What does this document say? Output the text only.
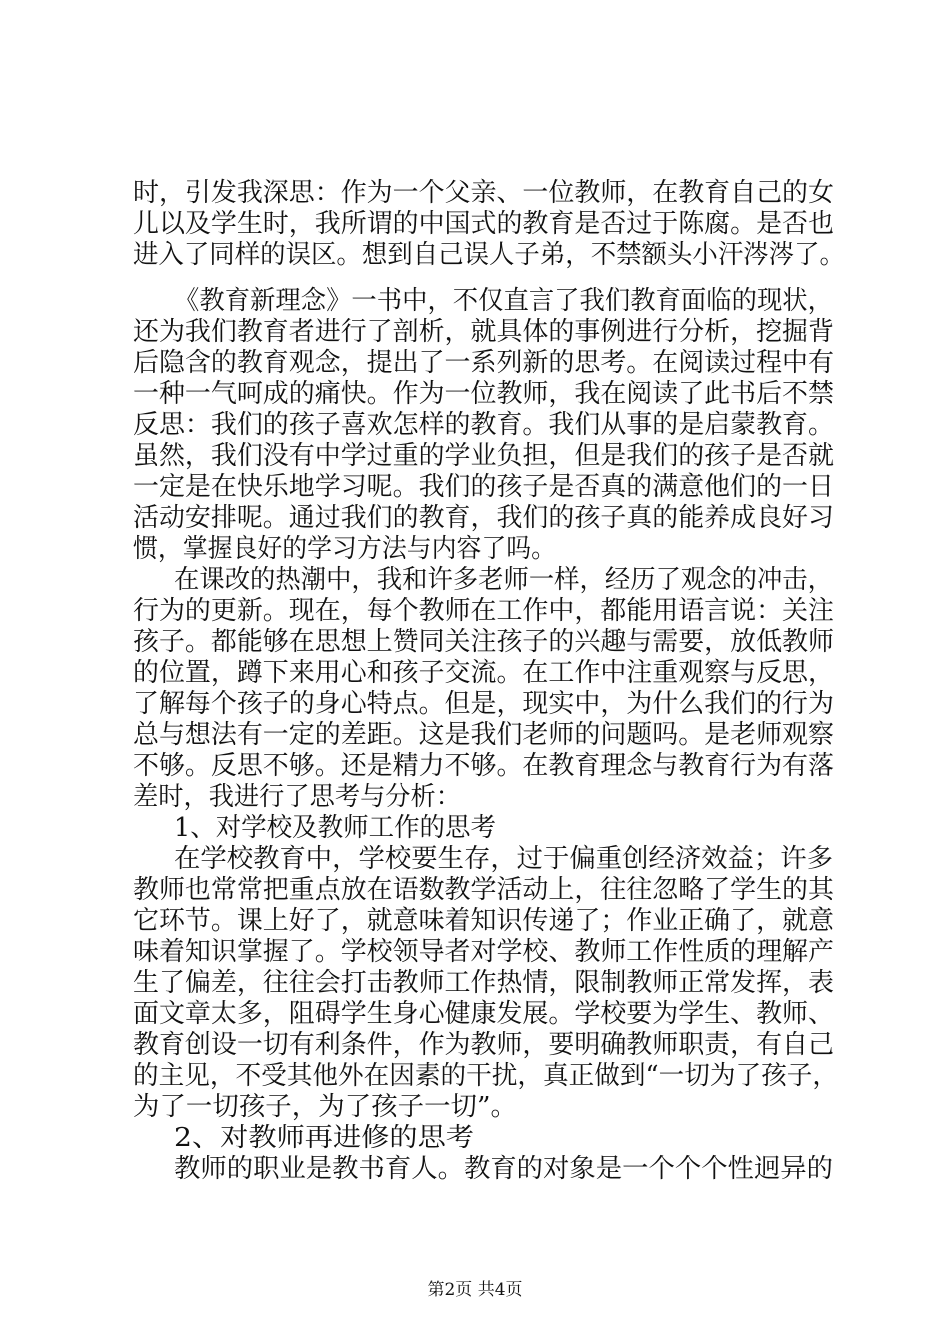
时，引发我深思：作为一个父亲、一位教师，在教育自己的女
儿以及学生时，我所谓的中国式的教育是否过于陈腐。是否也
进入了同样的误区。想到自己误人子弟，不禁额头小汗涔涔了。
《教育新理念》一书中，不仅直言了我们教育面临的现状，
还为我们教育者进行了剖析，就具体的事例进行分析，挖掘背
后隐含的教育观念，提出了一系列新的思考。在阅读过程中有
一种一气呵成的痛快。作为一位教师，我在阅读了此书后不禁
反思：我们的孩子喜欢怎样的教育。我们从事的是启蒙教育。
虽然，我们没有中学过重的学业负担，但是我们的孩子是否就
一定是在快乐地学习呢。我们的孩子是否真的满意他们的一日
活动安排呢。通过我们的教育，我们的孩子真的能养成良好习
惯，掌握良好的学习方法与内容了吗。
在课改的热潮中，我和许多老师一样，经历了观念的冲击，
行为的更新。现在，每个教师在工作中，都能用语言说：关注
孩子。都能够在思想上赞同关注孩子的兴趣与需要，放低教师
的位置，蹲下来用心和孩子交流。在工作中注重观察与反思，
了解每个孩子的身心特点。但是，现实中，为什么我们的行为
总与想法有一定的差距。这是我们老师的问题吗。是老师观察
不够。反思不够。还是精力不够。在教育理念与教育行为有落
差时，我进行了思考与分析：
1、对学校及教师工作的思考
在学校教育中，学校要生存，过于偏重创经济效益；许多
教师也常常把重点放在语数教学活动上，往往忽略了学生的其
它环节。课上好了，就意味着知识传递了；作业正确了，就意
味着知识掌握了。学校领导者对学校、教师工作性质的理解产
生了偏差，往往会打击教师工作热情，限制教师正常发挥，表
面文章太多，阻碍学生身心健康发展。学校要为学生、教师、
教育创设一切有利条件，作为教师，要明确教师职责，有自己
的主见，不受其他外在因素的干扰，真正做到“一切为了孩子，
为了一切孩子，为了孩子一切”。
2、对教师再进修的思考
教师的职业是教书育人。教育的对象是一个个个性迥异的
第2页 共4页
